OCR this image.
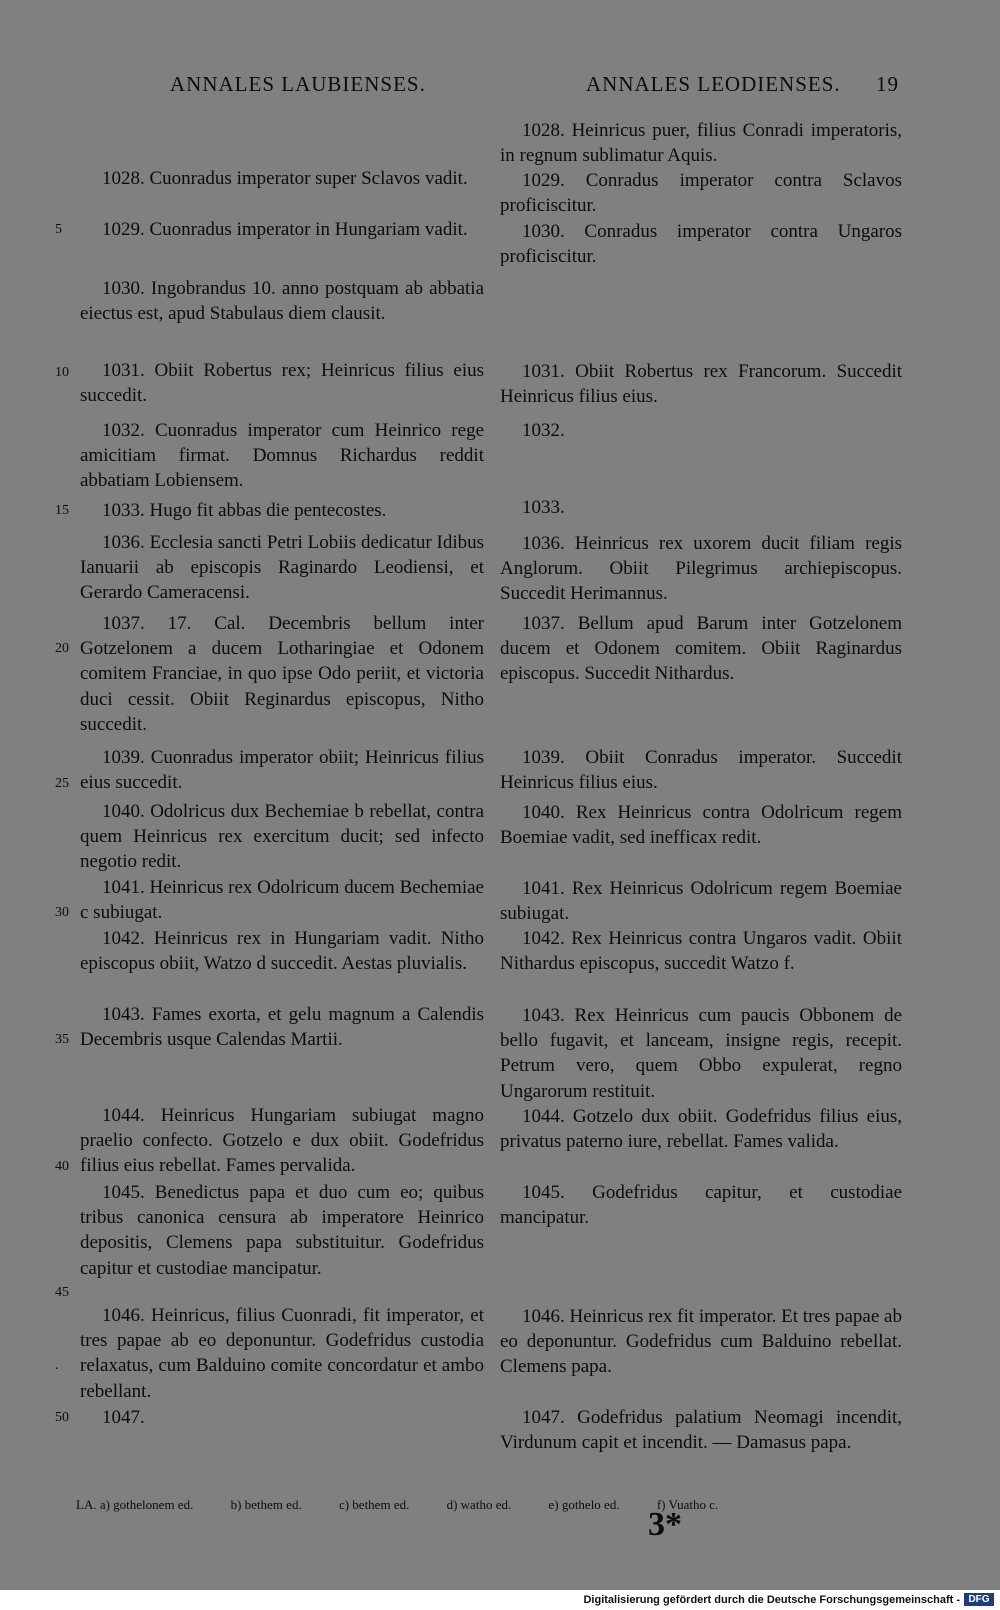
ANNALES LAUBIENSES.	ANNALES LEODIENSES. 19
1028. Cuonradus imperator super Sclavos vadit.
1029. Cuonradus imperator in Hungariam vadit.
1030. Ingobrandus 10. anno postquam ab abbatia eiectus est, apud Stabulaus diem clausit.
1031. Obiit Robertus rex; Heinricus filius eius succedit.
1032. Cuonradus imperator cum Heinrico rege amicitiam firmat. Domnus Richardus reddit abbatiam Lobiensem.
1033. Hugo fit abbas die pentecostes.
1036. Ecclesia sancti Petri Lobiis dedicatur Idibus Ianuarii ab episcopis Raginardo Leodiensi, et Gerardo Cameracensi.
1037. 17. Cal. Decembris bellum inter Gotzelonem a ducem Lotharingiae et Odonem comitem Franciae, in quo ipse Odo periit, et victoria duci cessit. Obiit Reginardus episcopus, Nitho succedit.
1039. Cuonradus imperator obiit; Heinricus filius eius succedit.
1040. Odolricus dux Bechemiae b rebellat, contra quem Heinricus rex exercitum ducit; sed infecto negotio redit.
1041. Heinricus rex Odolricum ducem Bechemiae c subiugat.
1042. Heinricus rex in Hungariam vadit. Nitho episcopus obiit, Watzo d succedit. Aestas pluvialis.
1043. Fames exorta, et gelu magnum a Calendis Decembris usque Calendas Martii.
1044. Heinricus Hungariam subiugat magno praelio confecto. Gotzelo e dux obiit. Godefridus filius eius rebellat. Fames pervalida.
1045. Benedictus papa et duo cum eo; quibus tribus canonica censura ab imperatore Heinrico depositis, Clemens papa substituitur. Godefridus capitur et custodiae mancipatur.
1046. Heinricus, filius Cuonradi, fit imperator, et tres papae ab eo deponuntur. Godefridus custodia relaxatus, cum Balduino comite concordatur et ambo rebellant.
1047.
5
10
15
20
25
30
35
40
45
.
50
1028. Heinricus puer, filius Conradi imperatoris, in regnum sublimatur Aquis.
1029. Conradus imperator contra Sclavos proficiscitur.
1030. Conradus imperator contra Ungaros proficiscitur.
1031. Obiit Robertus rex Francorum. Succedit Heinricus filius eius.
1032.
1033.
1036. Heinricus rex uxorem ducit filiam regis Anglorum. Obiit Pilegrimus archiepiscopus. Succedit Herimannus.
1037. Bellum apud Barum inter Gotzelonem ducem et Odonem comitem. Obiit Raginardus episcopus. Succedit Nithardus.
1039. Obiit Conradus imperator. Succedit Heinricus filius eius.
1040. Rex Heinricus contra Odolricum regem Boemiae vadit, sed inefficax redit.
1041. Rex Heinricus Odolricum regem Boemiae subiugat.
1042. Rex Heinricus contra Ungaros vadit. Obiit Nithardus episcopus, succedit Watzo f.
1043. Rex Heinricus cum paucis Obbonem de bello fugavit, et lanceam, insigne regis, recepit. Petrum vero, quem Obbo expulerat, regno Ungarorum restituit.
1044. Gotzelo dux obiit. Godefridus filius eius, privatus paterno iure, rebellat. Fames valida.
1045. Godefridus capitur, et custodiae mancipatur.
1046. Heinricus rex fit imperator. Et tres papae ab eo deponuntur. Godefridus cum Balduino rebellat. Clemens papa.
1047. Godefridus palatium Neomagi incendit, Virdunum capit et incendit. — Damasus papa.
LA. a) gothelonem ed.	b) bethem ed.	c) bethem ed.	d) watho ed.	e) gothelo ed.	f) Vuatho c.
3*
Digitalisierung gefördert durch die Deutsche Forschungsgemeinschaft - DFG
